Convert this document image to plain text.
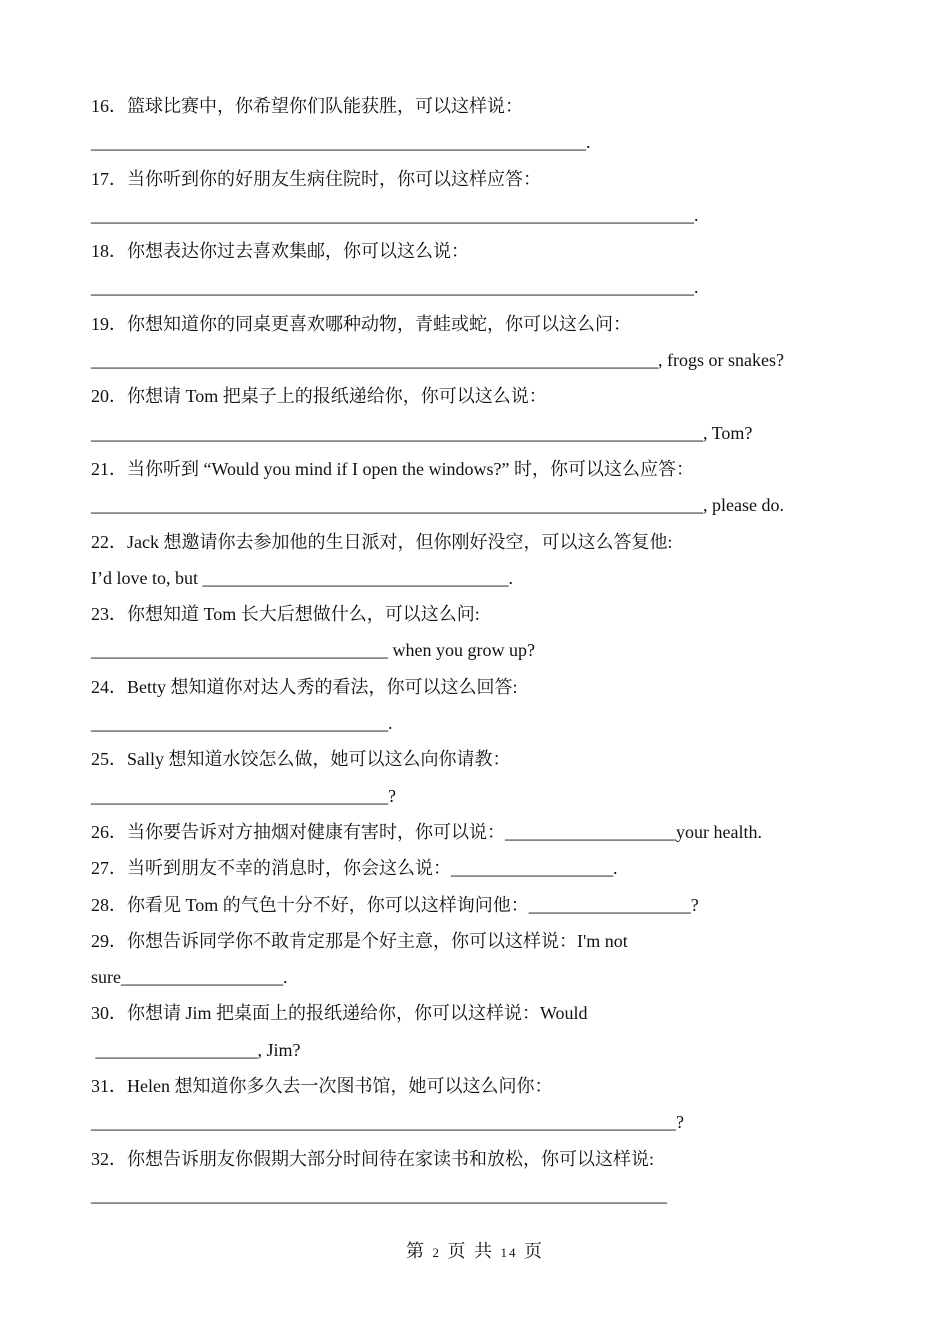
16．篮球比赛中，你希望你们队能获胜，可以这样说：
_______________________________________________________.
17．当你听到你的好朋友生病住院时，你可以这样应答：
___________________________________________________________________.
18．你想表达你过去喜欢集邮，你可以这么说：
___________________________________________________________________.
19．你想知道你的同桌更喜欢哪种动物，青蛙或蛇，你可以这么问：
_______________________________________________________________, frogs or snakes?
20．你想请 Tom 把桌子上的报纸递给你，你可以这么说：
____________________________________________________________________, Tom?
21．当你听到 “Would you mind if I open the windows?” 时，你可以这么应答：
____________________________________________________________________, please do.
22．Jack 想邀请你去参加他的生日派对，但你刚好没空，可以这么答复他:
I’d love to, but __________________________________.
23．你想知道 Tom 长大后想做什么，可以这么问:
_________________________________ when you grow up?
24．Betty 想知道你对达人秀的看法，你可以这么回答:
_________________________________.
25．Sally 想知道水饺怎么做，她可以这么向你请教：
_________________________________?
26．当你要告诉对方抽烟对健康有害时，你可以说：___________________your health.
27．当听到朋友不幸的消息时，你会这么说：__________________.
28．你看见 Tom 的气色十分不好，你可以这样询问他：__________________?
29．你想告诉同学你不敢肯定那是个好主意，你可以这样说：I'm not
sure__________________.
30．你想请 Jim 把桌面上的报纸递给你，你可以这样说：Would
__________________, Jim?
31．Helen 想知道你多久去一次图书馆，她可以这么问你：
_________________________________________________________________?
32．你想告诉朋友你假期大部分时间待在家读书和放松，你可以这样说:
________________________________________________________________
第 2 页 共 14 页
